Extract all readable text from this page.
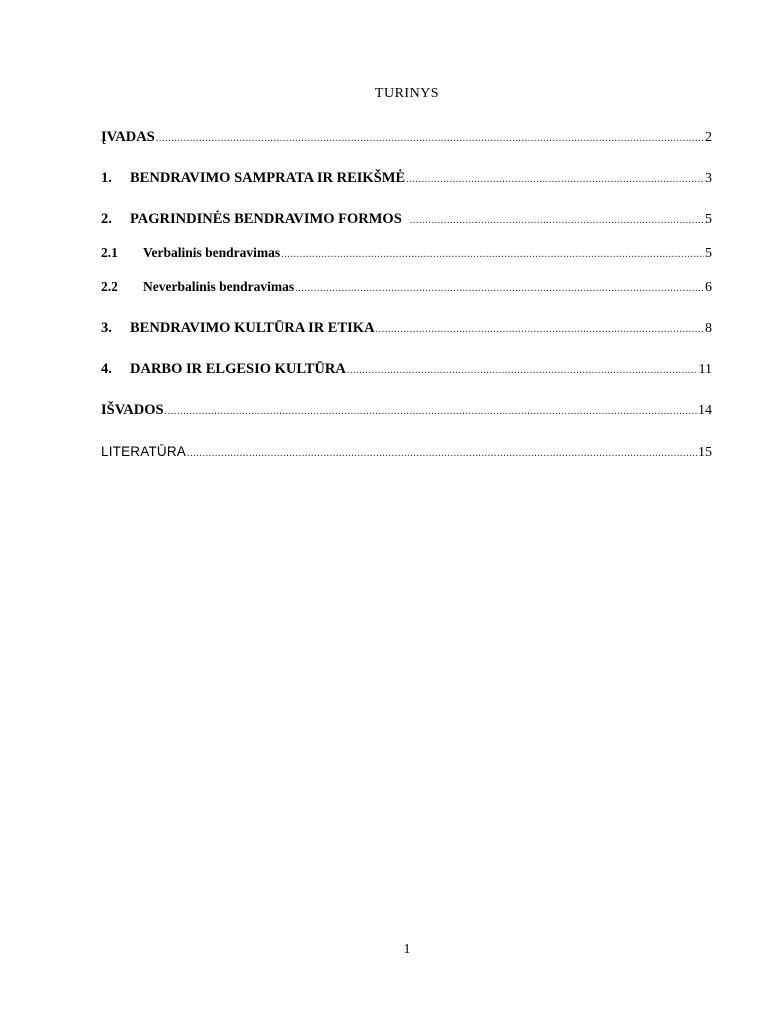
TURINYS
ĮVADAS .....	2
1.	BENDRAVIMO SAMPRATA IR REIKŠMĖ .....	3
2.	PAGRINDINĖS BENDRAVIMO FORMOS .....	5
2.1	Verbalinis bendravimas .....	5
2.2	Neverbalinis bendravimas .....	6
3.	BENDRAVIMO KULTŪRA IR ETIKA .....	8
4.	DARBO IR ELGESIO KULTŪRA .....	11
IŠVADOS .....	14
LITERATŪRA .....	15
1
